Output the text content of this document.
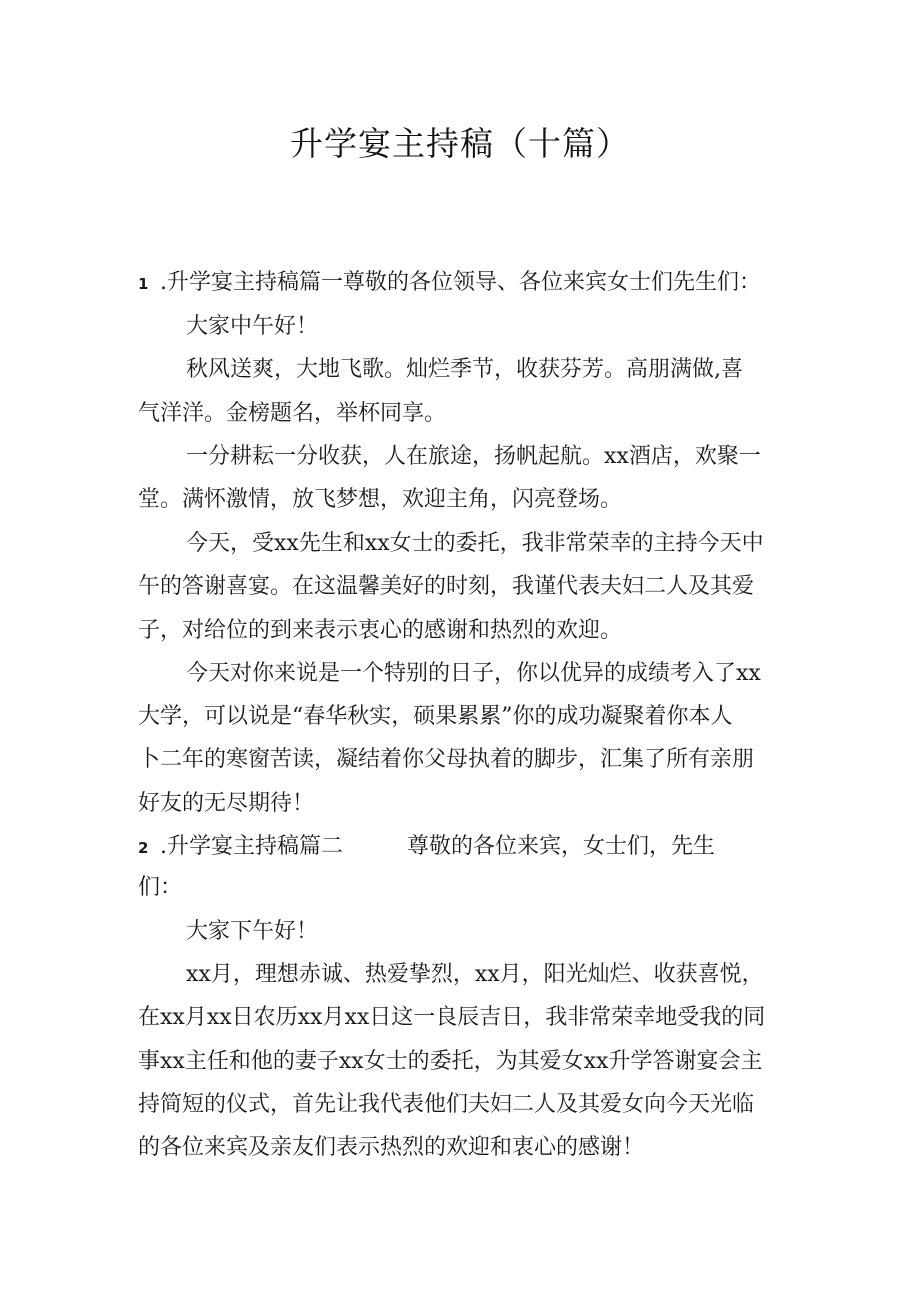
升学宴主持稿（十篇）
1 .升学宴主持稿篇一尊敬的各位领导、各位来宾女士们先生们：
大家中午好！
秋风送爽，大地飞歌。灿烂季节，收获芬芳。高朋满做,喜
气洋洋。金榜题名，举杯同享。
一分耕耘一分收获，人在旅途，扬帆起航。xx酒店，欢聚一
堂。满怀激情，放飞梦想，欢迎主角，闪亮登场。
今天，受xx先生和xx女士的委托，我非常荣幸的主持今天中
午的答谢喜宴。在这温馨美好的时刻，我谨代表夫妇二人及其爱
子，对给位的到来表示衷心的感谢和热烈的欢迎。
今天对你来说是一个特别的日子，你以优异的成绩考入了xx
大学，可以说是“春华秋实，硕果累累”你的成功凝聚着你本人
卜二年的寒窗苦读，凝结着你父母执着的脚步，汇集了所有亲朋
好友的无尽期待！
2 .升学宴主持稿篇二	尊敬的各位来宾，女士们，先生
们：
大家下午好！
xx月，理想赤诚、热爱挚烈，xx月，阳光灿烂、收获喜悦，
在xx月xx日农历xx月xx日这一良辰吉日，我非常荣幸地受我的同
事xx主任和他的妻子xx女士的委托，为其爱女xx升学答谢宴会主
持简短的仪式，首先让我代表他们夫妇二人及其爱女向今天光临
的各位来宾及亲友们表示热烈的欢迎和衷心的感谢！
